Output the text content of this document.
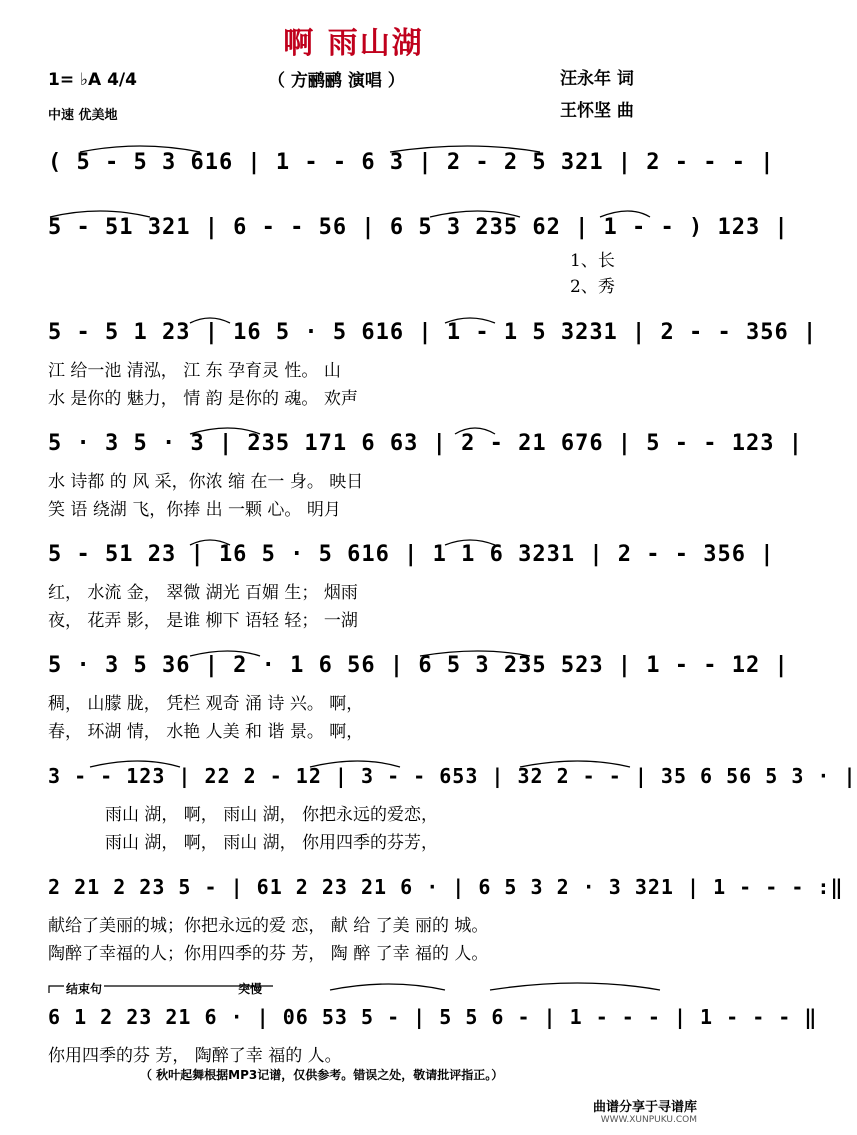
啊 雨山湖
（ 方鹂鹂 演唱 ）
1= ♭A 4/4
中速 优美地
汪永年 词
王怀坚 曲
( 5 - 5 3 616 | 1 - - 6 3 | 2 - 2 5 321 | 2 - - - |
5 - 51 321 | 6 - - 56 | 6 5 3 235 62 | 1 - - ) 123 |
1、长
2、秀
5 - 5 1 23 | 16 5 · 5 616 | 1 - 1 5 3231 | 2 - - 356 |
江 给一池 清泓， 江 东 孕育灵 性。 山
水 是你的 魅力， 情 韵 是你的 魂。 欢声
5 · 3 5 · 3 | 235 171 6 63 | 2 - 21 676 | 5 - - 123 |
水 诗都 的 风 采，你浓 缩 在一 身。 映日
笑 语 绕湖 飞，你捧 出 一颗 心。 明月
5 - 51 23 | 16 5 · 5 616 | 1 1 6 3231 | 2 - - 356 |
红， 水流 金， 翠微 湖光 百媚 生； 烟雨
夜， 花弄 影， 是谁 柳下 语轻 轻； 一湖
5 · 3 5 36 | 2 · 1 6 56 | 6 5 3 235 523 | 1 - - 12 |
稠， 山朦 胧， 凭栏 观奇 涌 诗 兴。 啊，
春， 环湖 情， 水艳 人美 和 谐 景。 啊，
3 - - 123 | 22 2 - 12 | 3 - - 653 | 32 2 - - | 35 6 56 5 3 · |
雨山 湖， 啊， 雨山 湖， 你把永远的爱恋，
雨山 湖， 啊， 雨山 湖， 你用四季的芬芳，
2 21 2 23 5 - | 61 2 23 21 6 · | 6 5 3 2 · 3 321 | 1 - - - :‖
献给了美丽的城；你把永远的爱 恋， 献 给 了美 丽的 城。
陶醉了幸福的人；你用四季的芬 芳， 陶 醉 了幸 福的 人。
结束句	突慢
6 1 2 23 21 6 · | 06 53 5 - | 5 5 6 - | 1 - - - | 1 - - - ‖
你用四季的芬 芳， 陶醉了幸 福的 人。
（ 秋叶起舞根据MP3记谱，仅供参考。错误之处，敬请批评指正。）
曲谱分享于寻谱库
WWW.XUNPUKU.COM
